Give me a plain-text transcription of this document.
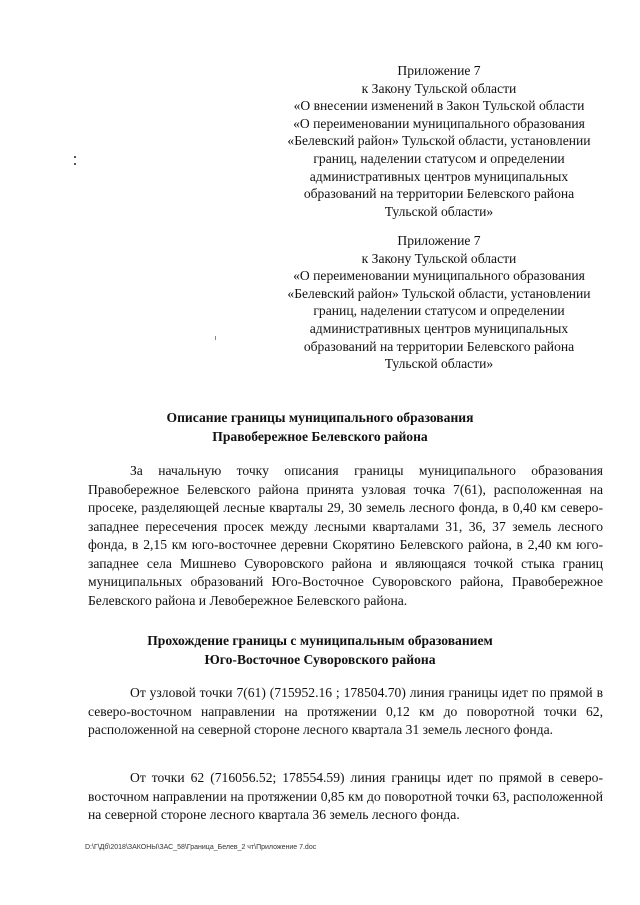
Приложение 7
к Закону Тульской области
«О внесении изменений в Закон Тульской области
«О переименовании муниципального образования
«Белевский район» Тульской области, установлении
границ, наделении статусом и определении
административных центров муниципальных
образований на территории Белевского района
Тульской области»
Приложение 7
к Закону Тульской области
«О переименовании муниципального образования
«Белевский район» Тульской области, установлении
границ, наделении статусом и определении
административных центров муниципальных
образований на территории Белевского района
Тульской области»
Описание границы муниципального образования
Правобережное Белевского района

За начальную точку описания границы муниципального образования Правобережное Белевского района принята узловая точка 7(61), расположенная на просеке, разделяющей лесные кварталы 29, 30 земель лесного фонда, в 0,40 км северо-западнее пересечения просек между лесными кварталами 31, 36, 37 земель лесного фонда, в 2,15 км юго-восточнее деревни Скорятино Белевского района, в 2,40 км юго-западнее села Мишнево Суворовского района и являющаяся точкой стыка границ муниципальных образований Юго-Восточное Суворовского района, Правобережное Белевского района и Левобережное Белевского района.

Прохождение границы с муниципальным образованием
Юго-Восточное Суворовского района

От узловой точки 7(61) (715952.16 ; 178504.70) линия границы идет по прямой в северо-восточном направлении на протяжении 0,12 км до поворотной точки 62, расположенной на северной стороне лесного квартала 31 земель лесного фонда.

От точки 62 (716056.52; 178554.59) линия границы идет по прямой в северо-восточном направлении на протяжении 0,85 км до поворотной точки 63, расположенной на северной стороне лесного квартала 36 земель лесного фонда.

D:\Г\Дб\2018\ЗАКОНЫ\ЗАС_58\Граница_Белев_2 чт\Приложение 7.doc
